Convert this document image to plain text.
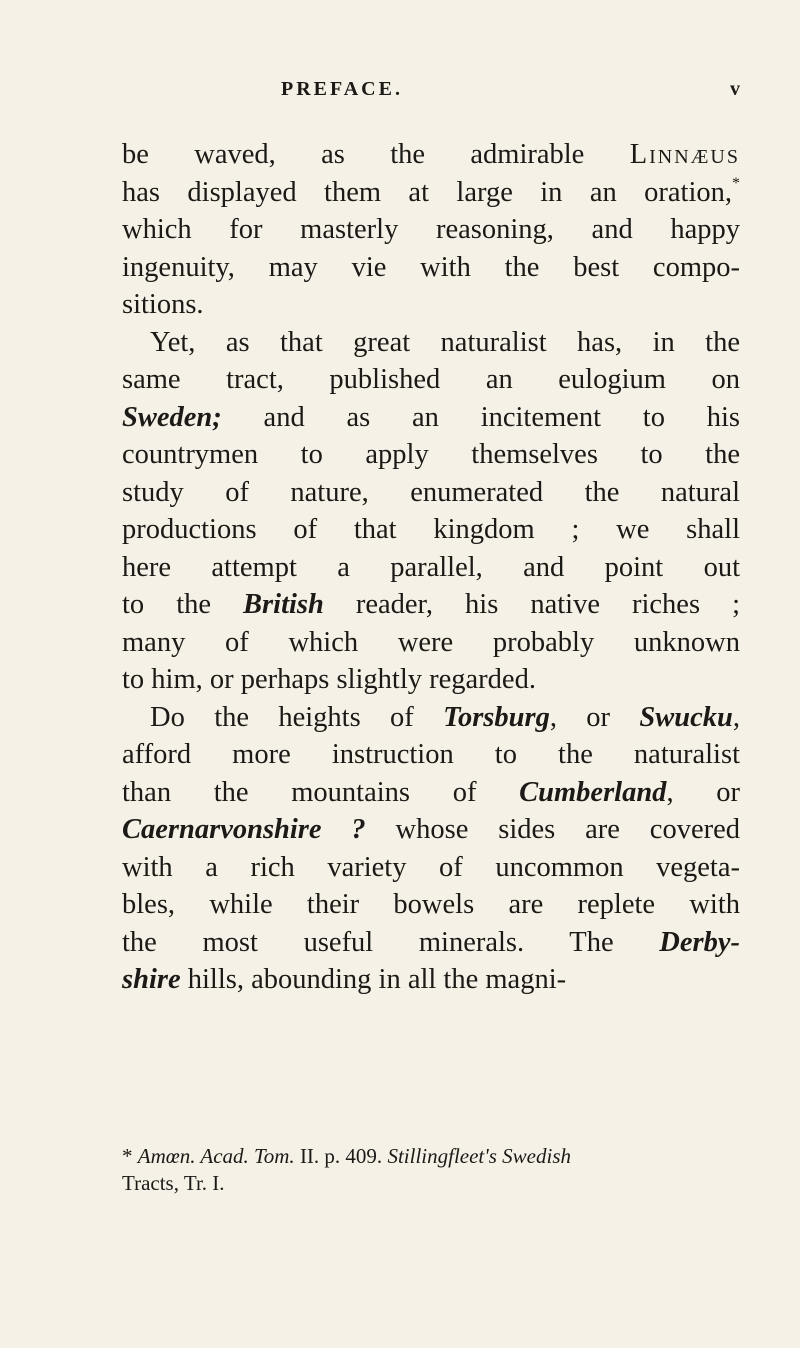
PREFACE.	v
be waved, as the admirable Linnæus
has displayed them at large in an oration,*
which for masterly reasoning, and happy
ingenuity, may vie with the best compo-
sitions.
Yet, as that great naturalist has, in the
same tract, published an eulogium on
Sweden; and as an incitement to his
countrymen to apply themselves to the
study of nature, enumerated the natural
productions of that kingdom ; we shall
here attempt a parallel, and point out
to the British reader, his native riches ;
many of which were probably unknown
to him, or perhaps slightly regarded.
Do the heights of Torsburg, or Swucku,
afford more instruction to the naturalist
than the mountains of Cumberland, or
Caernarvonshire ? whose sides are covered
with a rich variety of uncommon vegeta-
bles, while their bowels are replete with
the most useful minerals. The Derby-
shire hills, abounding in all the magni-
* Amœn. Acad. Tom. II. p. 409. Stillingfleet's Swedish
Tracts, Tr. I.
